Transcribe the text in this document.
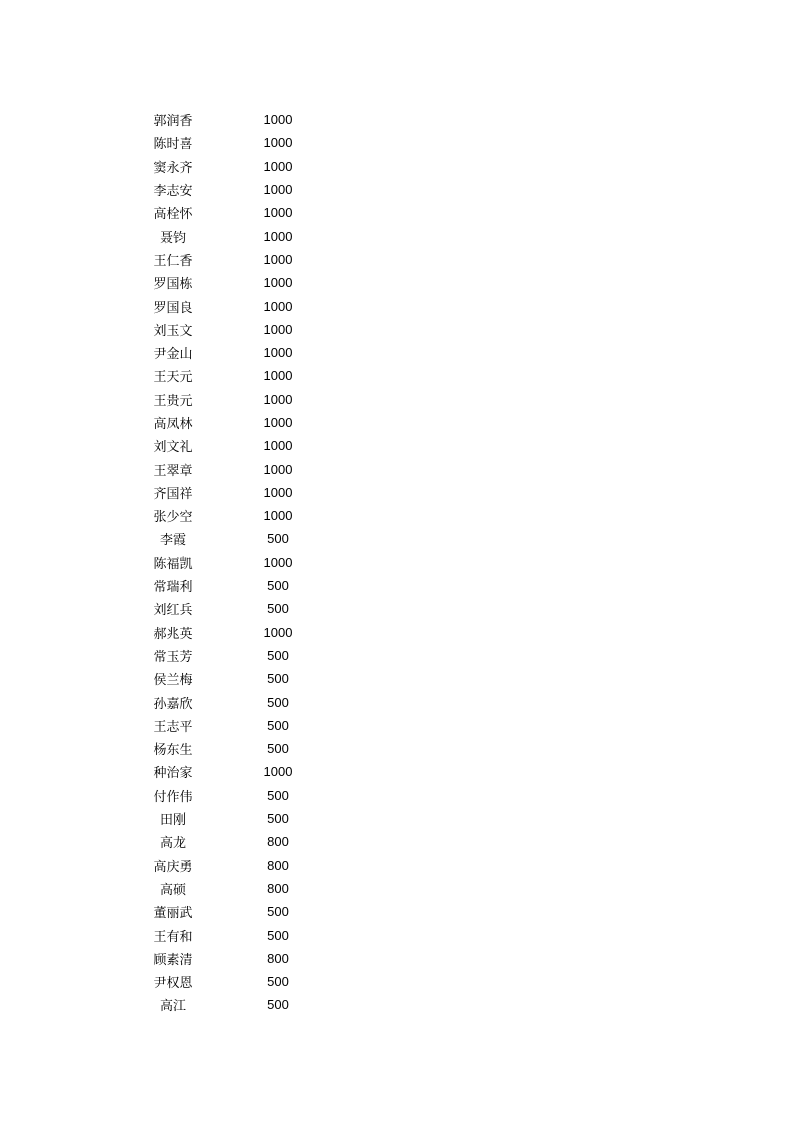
郭润香	1000
陈时喜	1000
窦永齐	1000
李志安	1000
高栓怀	1000
聂钧	1000
王仁香	1000
罗国栋	1000
罗国良	1000
刘玉文	1000
尹金山	1000
王天元	1000
王贵元	1000
高凤林	1000
刘文礼	1000
王翠章	1000
齐国祥	1000
张少空	1000
李霞	500
陈福凯	1000
常瑞利	500
刘红兵	500
郝兆英	1000
常玉芳	500
侯兰梅	500
孙嘉欣	500
王志平	500
杨东生	500
种治家	1000
付作伟	500
田刚	500
高龙	800
高庆勇	800
高硕	800
董丽武	500
王有和	500
顾素清	800
尹权恩	500
高江	500
